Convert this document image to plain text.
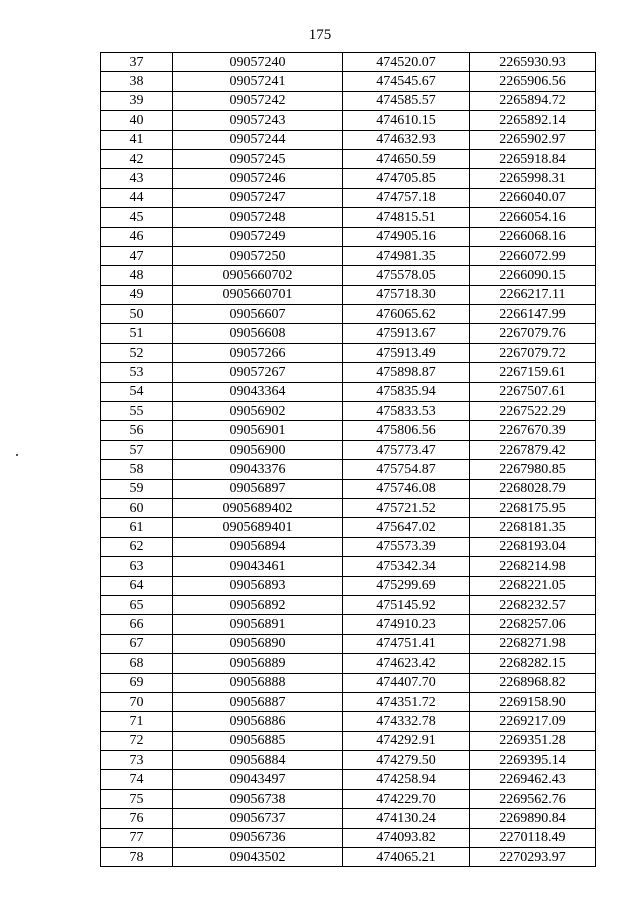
175
37	09057240	474520.07	2265930.93
38	09057241	474545.67	2265906.56
39	09057242	474585.57	2265894.72
40	09057243	474610.15	2265892.14
41	09057244	474632.93	2265902.97
42	09057245	474650.59	2265918.84
43	09057246	474705.85	2265998.31
44	09057247	474757.18	2266040.07
45	09057248	474815.51	2266054.16
46	09057249	474905.16	2266068.16
47	09057250	474981.35	2266072.99
48	0905660702	475578.05	2266090.15
49	0905660701	475718.30	2266217.11
50	09056607	476065.62	2266147.99
51	09056608	475913.67	2267079.76
52	09057266	475913.49	2267079.72
53	09057267	475898.87	2267159.61
54	09043364	475835.94	2267507.61
55	09056902	475833.53	2267522.29
56	09056901	475806.56	2267670.39
57	09056900	475773.47	2267879.42
58	09043376	475754.87	2267980.85
59	09056897	475746.08	2268028.79
60	0905689402	475721.52	2268175.95
61	0905689401	475647.02	2268181.35
62	09056894	475573.39	2268193.04
63	09043461	475342.34	2268214.98
64	09056893	475299.69	2268221.05
65	09056892	475145.92	2268232.57
66	09056891	474910.23	2268257.06
67	09056890	474751.41	2268271.98
68	09056889	474623.42	2268282.15
69	09056888	474407.70	2268968.82
70	09056887	474351.72	2269158.90
71	09056886	474332.78	2269217.09
72	09056885	474292.91	2269351.28
73	09056884	474279.50	2269395.14
74	09043497	474258.94	2269462.43
75	09056738	474229.70	2269562.76
76	09056737	474130.24	2269890.84
77	09056736	474093.82	2270118.49
78	09043502	474065.21	2270293.97
